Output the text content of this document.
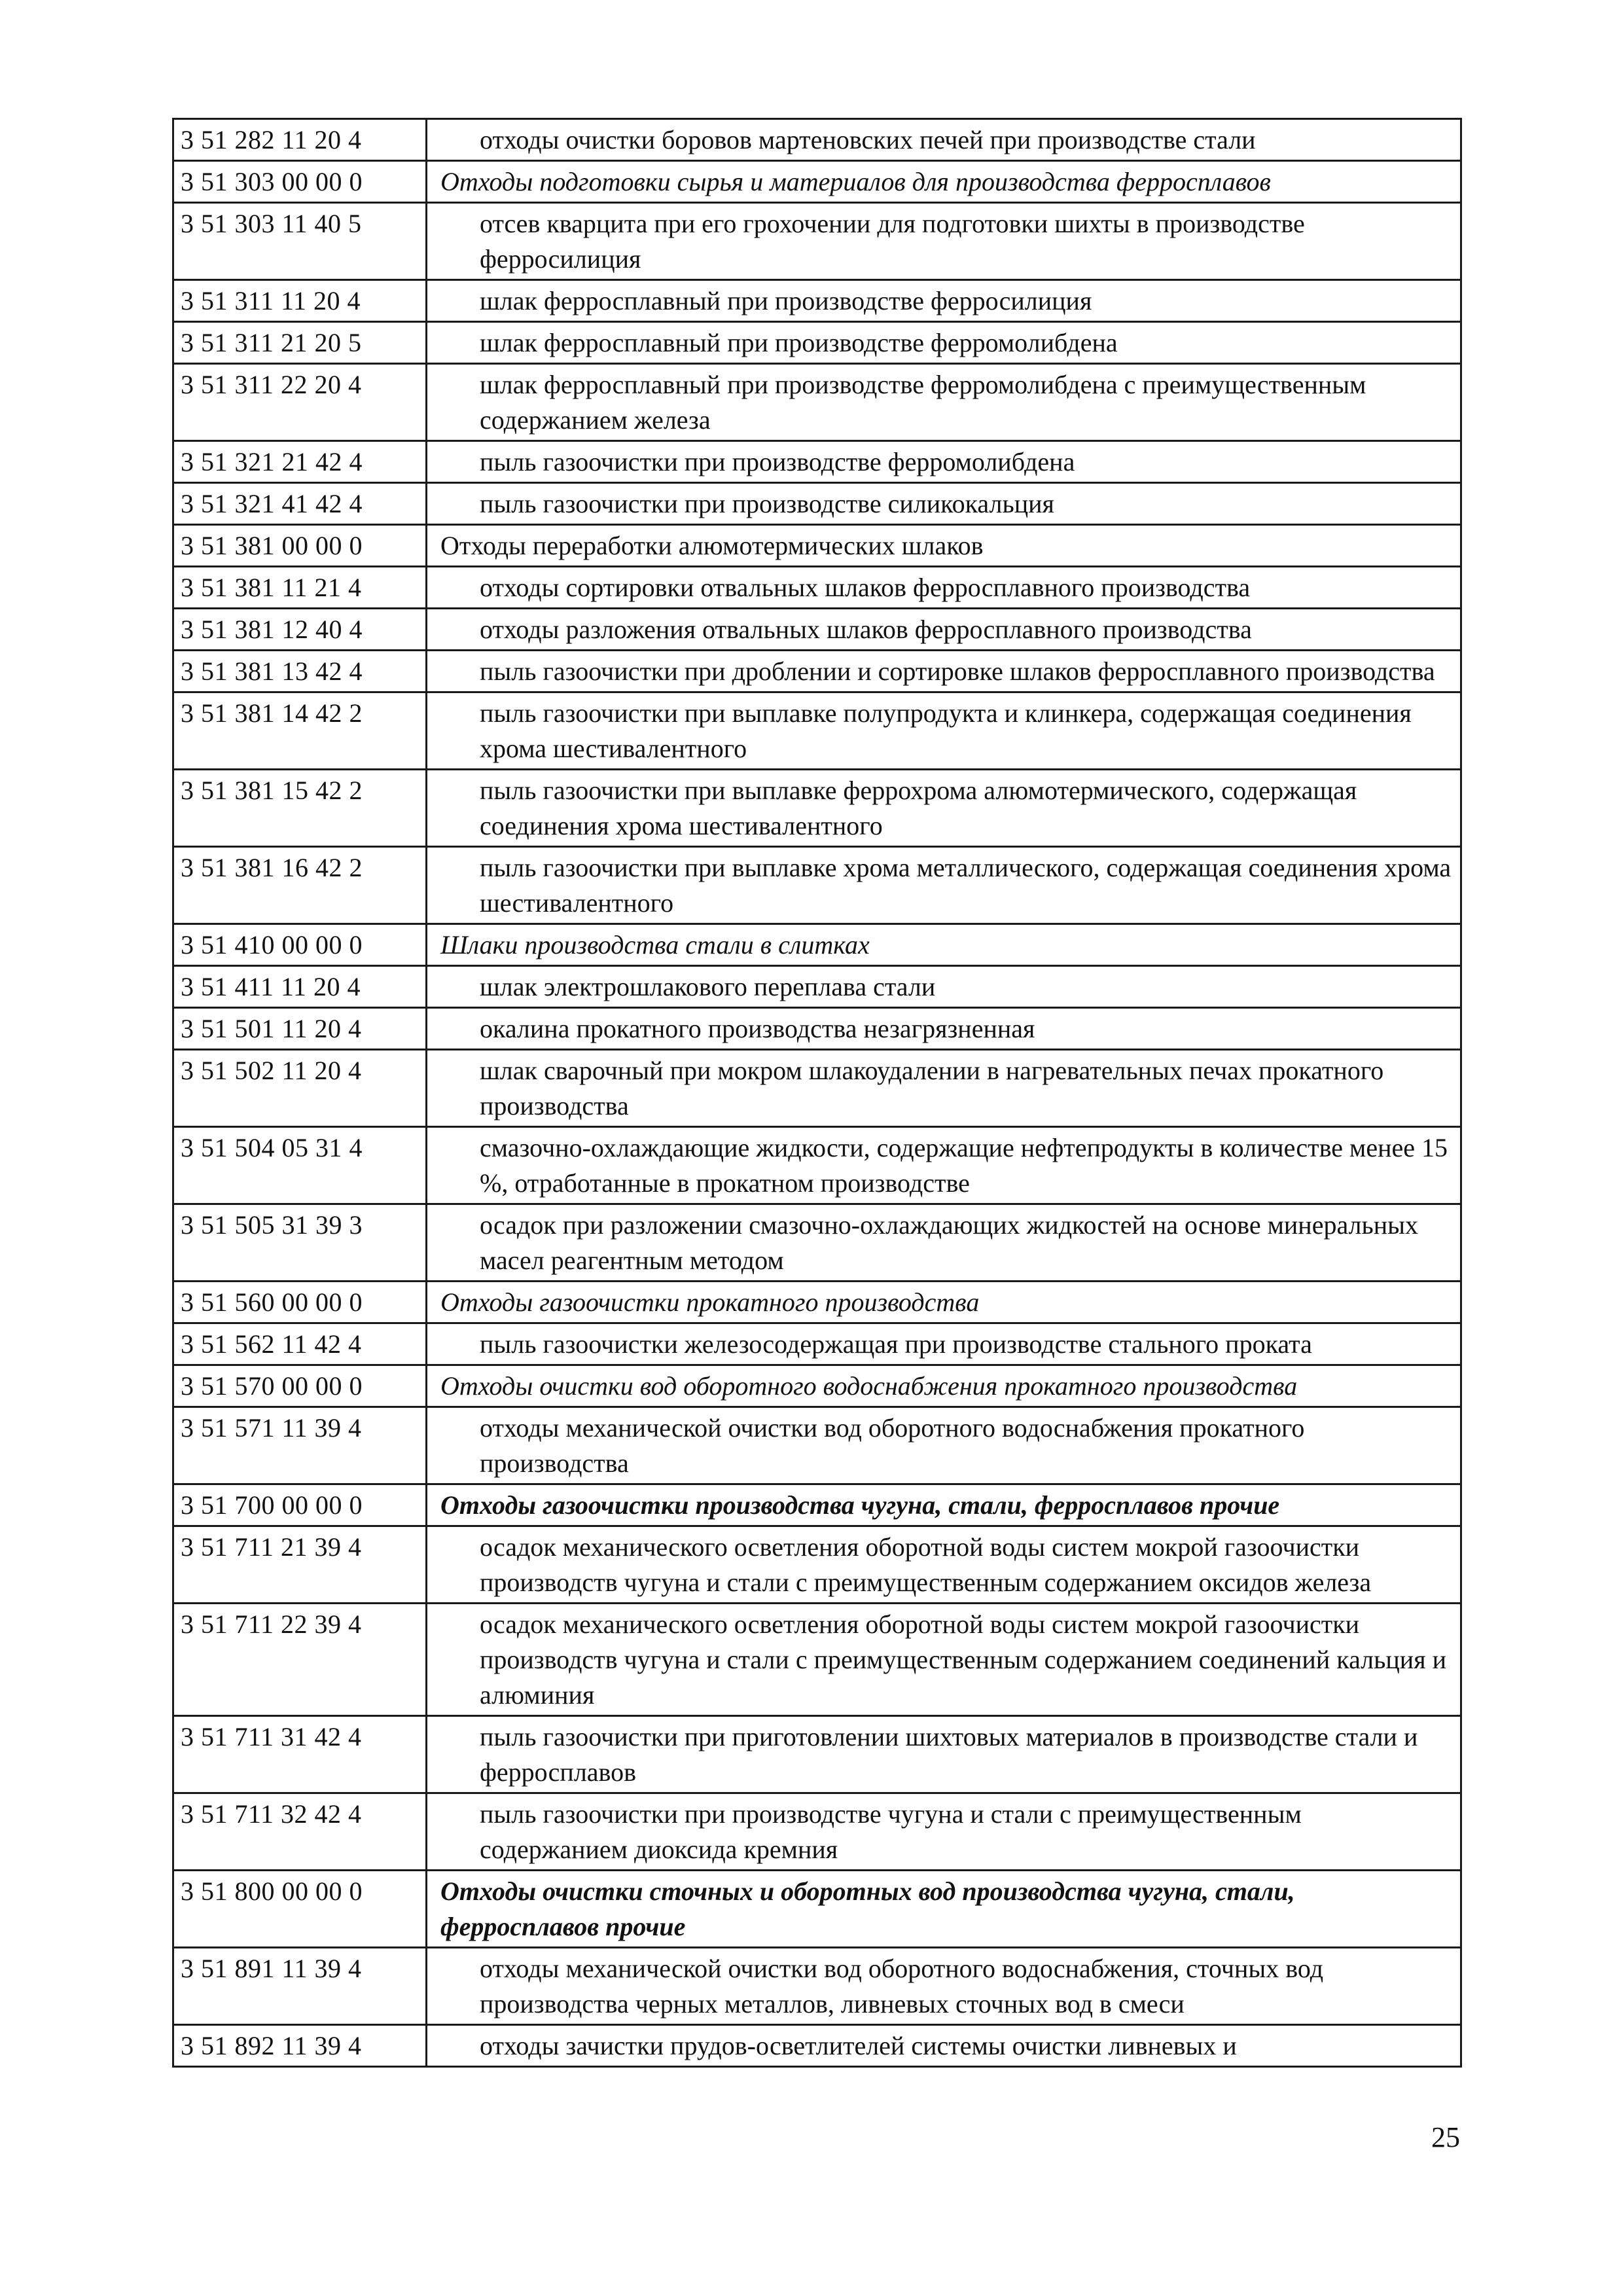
3 51 282 11 20 4	отходы очистки боровов мартеновских печей при производстве стали
3 51 303 00 00 0	Отходы подготовки сырья и материалов для производства ферросплавов
3 51 303 11 40 5	отсев кварцита при его грохочении для подготовки шихты в производстве ферросилиция
3 51 311 11 20 4	шлак ферросплавный при производстве ферросилиция
3 51 311 21 20 5	шлак ферросплавный при производстве ферромолибдена
3 51 311 22 20 4	шлак ферросплавный при производстве ферромолибдена с преимущественным содержанием железа
3 51 321 21 42 4	пыль газоочистки при производстве ферромолибдена
3 51 321 41 42 4	пыль газоочистки при производстве силикокальция
3 51 381 00 00 0	Отходы переработки алюмотермических шлаков
3 51 381 11 21 4	отходы сортировки отвальных шлаков ферросплавного производства
3 51 381 12 40 4	отходы разложения отвальных шлаков ферросплавного производства
3 51 381 13 42 4	пыль газоочистки при дроблении и сортировке шлаков ферросплавного производства
3 51 381 14 42 2	пыль газоочистки при выплавке полупродукта и клинкера, содержащая соединения хрома шестивалентного
3 51 381 15 42 2	пыль газоочистки при выплавке феррохрома алюмотермического, содержащая соединения хрома шестивалентного
3 51 381 16 42 2	пыль газоочистки при выплавке хрома металлического, содержащая соединения хрома шестивалентного
3 51 410 00 00 0	Шлаки производства стали в слитках
3 51 411 11 20 4	шлак электрошлакового переплава стали
3 51 501 11 20 4	окалина прокатного производства незагрязненная
3 51 502 11 20 4	шлак сварочный при мокром шлакоудалении в нагревательных печах прокатного производства
3 51 504 05 31 4	смазочно-охлаждающие жидкости, содержащие нефтепродукты в количестве менее 15 %, отработанные в прокатном производстве
3 51 505 31 39 3	осадок при разложении смазочно-охлаждающих жидкостей на основе минеральных масел реагентным методом
3 51 560 00 00 0	Отходы газоочистки прокатного производства
3 51 562 11 42 4	пыль газоочистки железосодержащая при производстве стального проката
3 51 570 00 00 0	Отходы очистки вод оборотного водоснабжения прокатного производства
3 51 571 11 39 4	отходы механической очистки вод оборотного водоснабжения прокатного производства
3 51 700 00 00 0	Отходы газоочистки производства чугуна, стали, ферросплавов прочие
3 51 711 21 39 4	осадок механического осветления оборотной воды систем мокрой газоочистки производств чугуна и стали с преимущественным содержанием оксидов железа
3 51 711 22 39 4	осадок механического осветления оборотной воды систем мокрой газоочистки производств чугуна и стали с преимущественным содержанием соединений кальция и алюминия
3 51 711 31 42 4	пыль газоочистки при приготовлении шихтовых материалов в производстве стали и ферросплавов
3 51 711 32 42 4	пыль газоочистки при производстве чугуна и стали с преимущественным содержанием диоксида кремния
3 51 800 00 00 0	Отходы очистки сточных и оборотных вод производства чугуна, стали, ферросплавов прочие
3 51 891 11 39 4	отходы механической очистки вод оборотного водоснабжения, сточных вод производства черных металлов, ливневых сточных вод в смеси
3 51 892 11 39 4	отходы зачистки прудов-осветлителей системы очистки ливневых и
25
